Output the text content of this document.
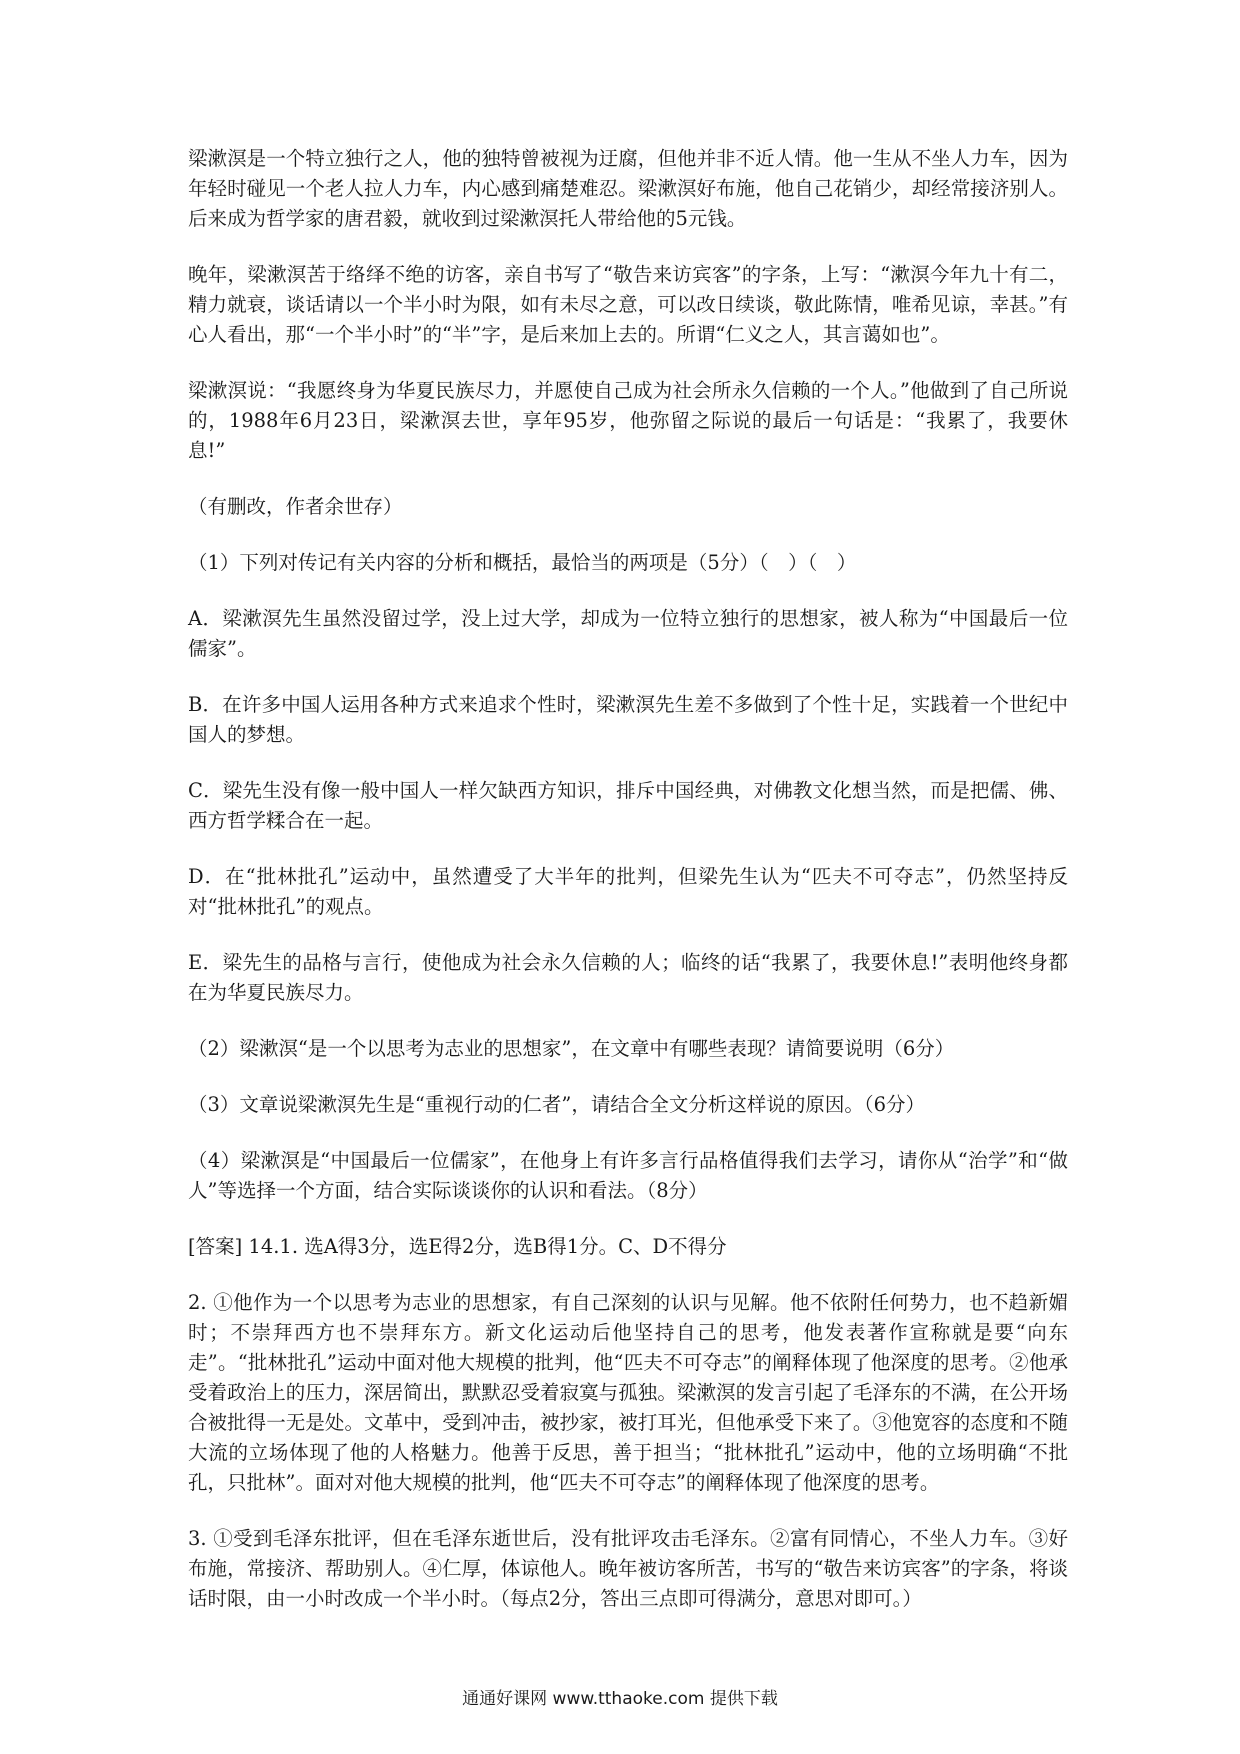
梁漱溟是一个特立独行之人，他的独特曾被视为迂腐，但他并非不近人情。他一生从不坐人力车，因为年轻时碰见一个老人拉人力车，内心感到痛楚难忍。梁漱溟好布施，他自己花销少，却经常接济别人。后来成为哲学家的唐君毅，就收到过梁漱溟托人带给他的5元钱。

晚年，梁漱溟苦于络绎不绝的访客，亲自书写了“敬告来访宾客”的字条，上写：“漱溟今年九十有二，精力就衰，谈话请以一个半小时为限，如有未尽之意，可以改日续谈，敬此陈情，唯希见谅，幸甚。”有心人看出，那“一个半小时”的“半”字，是后来加上去的。所谓“仁义之人，其言蔼如也”。

梁漱溟说：“我愿终身为华夏民族尽力，并愿使自己成为社会所永久信赖的一个人。”他做到了自己所说的，1988年6月23日，梁漱溟去世，享年95岁，他弥留之际说的最后一句话是：“我累了，我要休息!”

（有删改，作者余世存）

（1）下列对传记有关内容的分析和概括，最恰当的两项是（5分）（　）（　）

A．梁漱溟先生虽然没留过学，没上过大学，却成为一位特立独行的思想家，被人称为“中国最后一位儒家”。

B．在许多中国人运用各种方式来追求个性时，梁漱溟先生差不多做到了个性十足，实践着一个世纪中国人的梦想。

C．梁先生没有像一般中国人一样欠缺西方知识，排斥中国经典，对佛教文化想当然，而是把儒、佛、西方哲学糅合在一起。

D．在“批林批孔”运动中，虽然遭受了大半年的批判，但梁先生认为“匹夫不可夺志”，仍然坚持反对“批林批孔”的观点。

E．梁先生的品格与言行，使他成为社会永久信赖的人；临终的话“我累了，我要休息!”表明他终身都在为华夏民族尽力。

（2）梁漱溟“是一个以思考为志业的思想家”，在文章中有哪些表现？请简要说明（6分）

（3）文章说梁漱溟先生是“重视行动的仁者”，请结合全文分析这样说的原因。（6分）

（4）梁漱溟是“中国最后一位儒家”，在他身上有许多言行品格值得我们去学习，请你从“治学”和“做人”等选择一个方面，结合实际谈谈你的认识和看法。（8分）

[答案] 14.1. 选A得3分，选E得2分，选B得1分。C、D不得分

2. ①他作为一个以思考为志业的思想家，有自己深刻的认识与见解。他不依附任何势力，也不趋新媚时；不崇拜西方也不崇拜东方。新文化运动后他坚持自己的思考，他发表著作宣称就是要“向东走”。“批林批孔”运动中面对他大规模的批判，他“匹夫不可夺志”的阐释体现了他深度的思考。②他承受着政治上的压力，深居简出，默默忍受着寂寞与孤独。梁漱溟的发言引起了毛泽东的不满，在公开场合被批得一无是处。文革中，受到冲击，被抄家，被打耳光，但他承受下来了。③他宽容的态度和不随大流的立场体现了他的人格魅力。他善于反思，善于担当；“批林批孔”运动中，他的立场明确“不批孔，只批林”。面对对他大规模的批判，他“匹夫不可夺志”的阐释体现了他深度的思考。

3. ①受到毛泽东批评，但在毛泽东逝世后，没有批评攻击毛泽东。②富有同情心，不坐人力车。③好布施，常接济、帮助别人。④仁厚，体谅他人。晚年被访客所苦，书写的“敬告来访宾客”的字条，将谈话时限，由一小时改成一个半小时。（每点2分，答出三点即可得满分，意思对即可。）

通通好课网 www.tthaoke.com 提供下载
